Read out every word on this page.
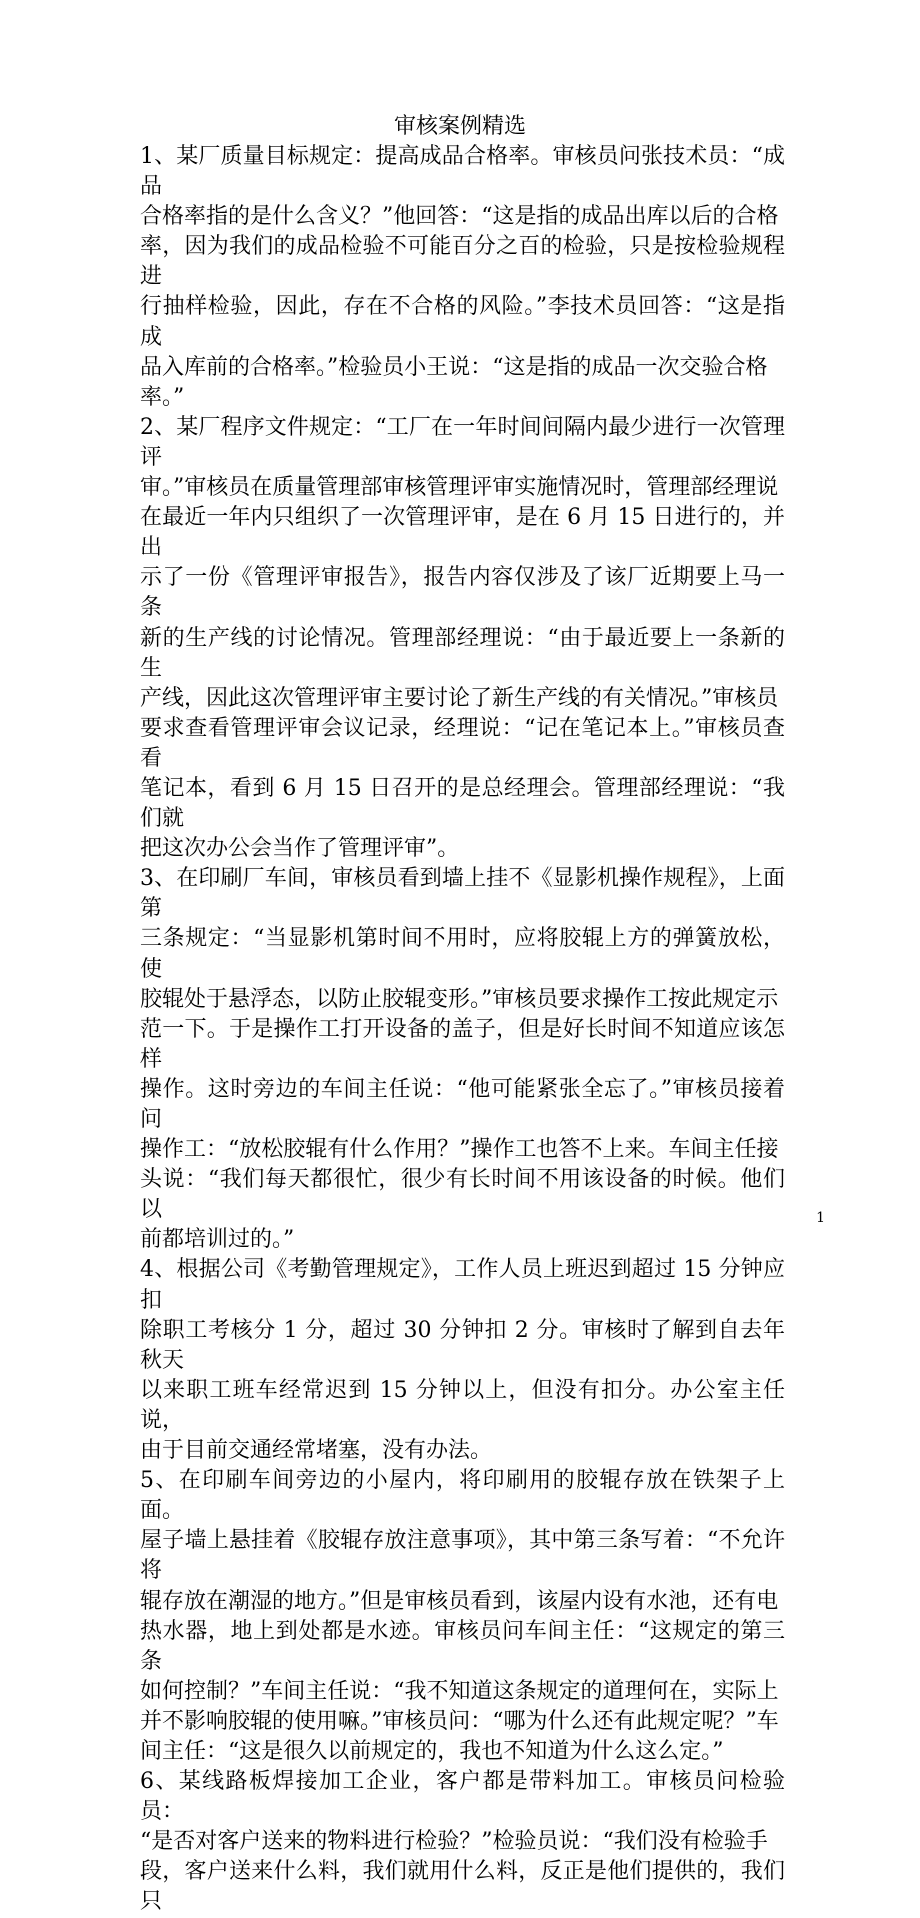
审核案例精选

1、某厂质量目标规定：提高成品合格率。审核员问张技术员：“成品
合格率指的是什么含义？”他回答：“这是指的成品出库以后的合格
率，因为我们的成品检验不可能百分之百的检验，只是按检验规程进
行抽样检验，因此，存在不合格的风险。”李技术员回答：“这是指成
品入库前的合格率。”检验员小王说：“这是指的成品一次交验合格
率。”

2、某厂程序文件规定：“工厂在一年时间间隔内最少进行一次管理评
审。”审核员在质量管理部审核管理评审实施情况时，管理部经理说
在最近一年内只组织了一次管理评审，是在 6 月 15 日进行的，并出
示了一份《管理评审报告》，报告内容仅涉及了该厂近期要上马一条
新的生产线的讨论情况。管理部经理说：“由于最近要上一条新的生
产线，因此这次管理评审主要讨论了新生产线的有关情况。”审核员
要求查看管理评审会议记录，经理说：“记在笔记本上。”审核员查看
笔记本，看到 6 月 15 日召开的是总经理会。管理部经理说：“我们就
把这次办公会当作了管理评审”。

3、在印刷厂车间，审核员看到墙上挂不《显影机操作规程》，上面第
三条规定：“当显影机第时间不用时，应将胶辊上方的弹簧放松，使
胶辊处于悬浮态，以防止胶辊变形。”审核员要求操作工按此规定示
范一下。于是操作工打开设备的盖子，但是好长时间不知道应该怎样
操作。这时旁边的车间主任说：“他可能紧张全忘了。”审核员接着问
操作工：“放松胶辊有什么作用？”操作工也答不上来。车间主任接
头说：“我们每天都很忙，很少有长时间不用该设备的时候。他们以
前都培训过的。”

4、根据公司《考勤管理规定》，工作人员上班迟到超过 15 分钟应扣
除职工考核分 1 分，超过 30 分钟扣 2 分。审核时了解到自去年秋天
以来职工班车经常迟到 15 分钟以上，但没有扣分。办公室主任说，
由于目前交通经常堵塞，没有办法。

5、在印刷车间旁边的小屋内，将印刷用的胶辊存放在铁架子上面。
屋子墙上悬挂着《胶辊存放注意事项》，其中第三条写着：“不允许将
辊存放在潮湿的地方。”但是审核员看到，该屋内设有水池，还有电
热水器，地上到处都是水迹。审核员问车间主任：“这规定的第三条
如何控制？”车间主任说：“我不知道这条规定的道理何在，实际上
并不影响胶辊的使用嘛。”审核员问：“哪为什么还有此规定呢？”车
间主任：“这是很久以前规定的，我也不知道为什么这么定。”

6、某线路板焊接加工企业，客户都是带料加工。审核员问检验员：
“是否对客户送来的物料进行检验？”检验员说：“我们没有检验手
段，客户送来什么料，我们就用什么料，反正是他们提供的，我们只

1
